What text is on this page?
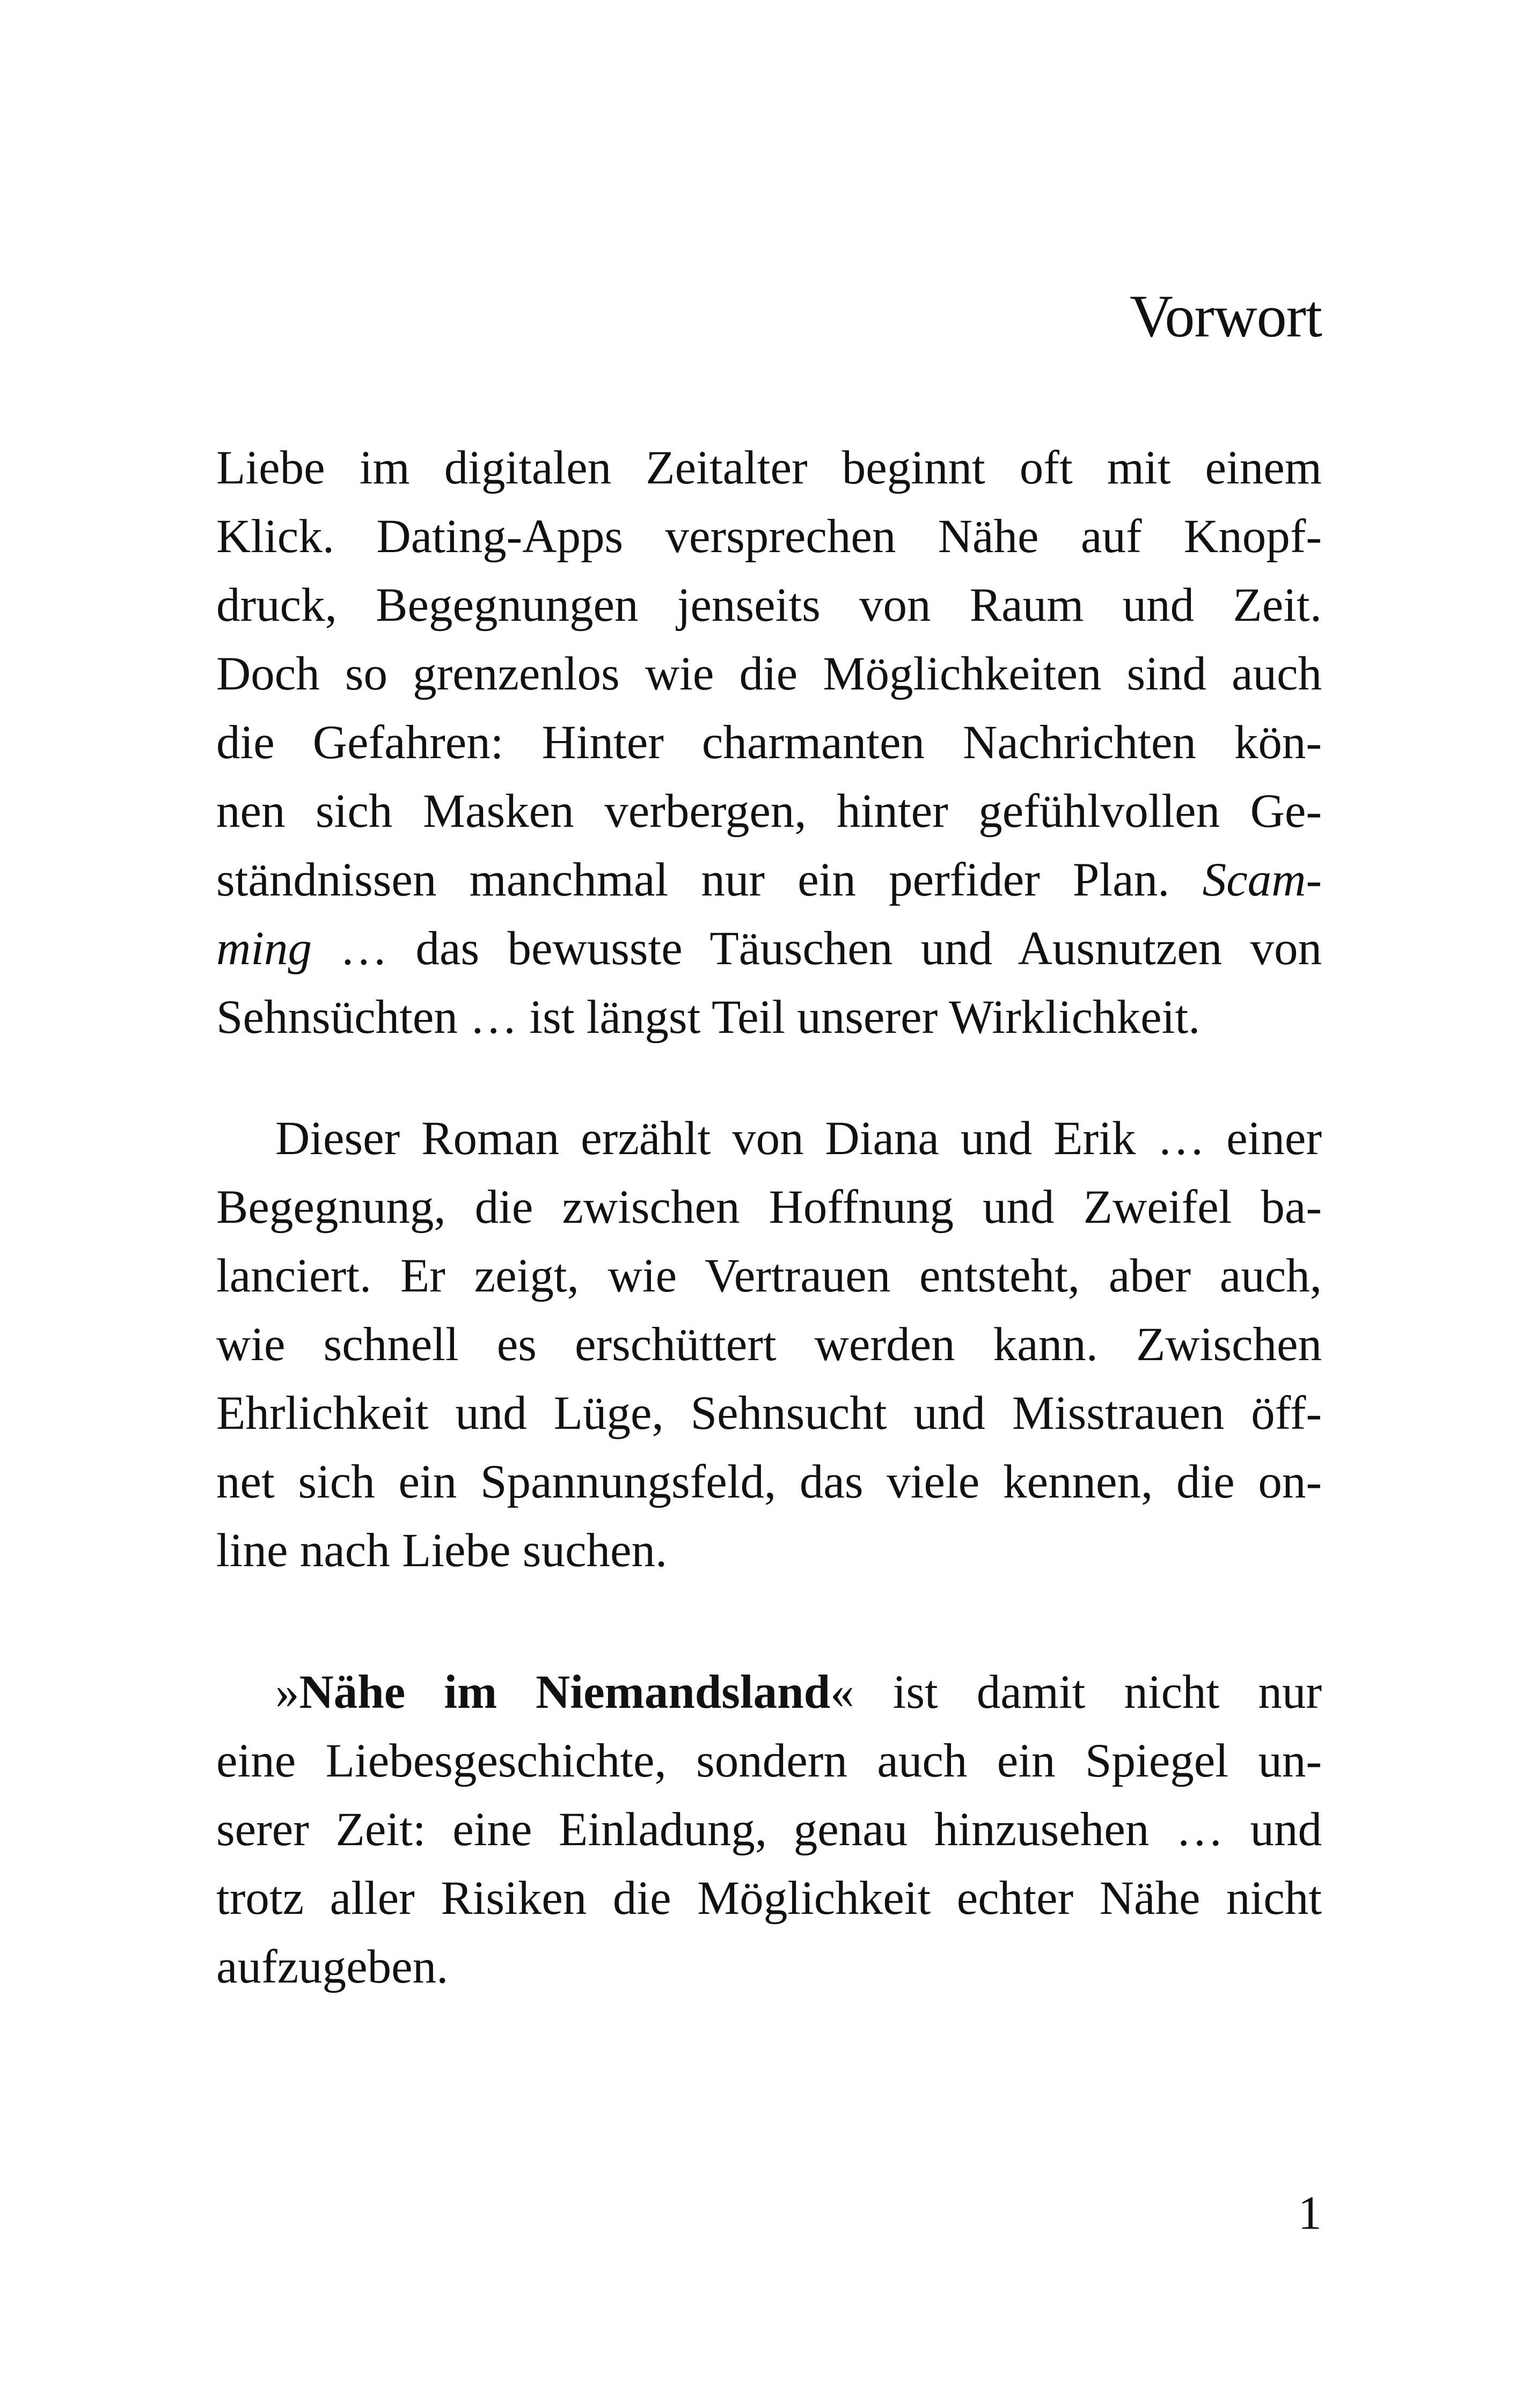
Vorwort
Liebe im digitalen Zeitalter beginnt oft mit einem
Klick. Dating-Apps versprechen Nähe auf Knopf-
druck, Begegnungen jenseits von Raum und Zeit.
Doch so grenzenlos wie die Möglichkeiten sind auch
die Gefahren: Hinter charmanten Nachrichten kön-
nen sich Masken verbergen, hinter gefühlvollen Ge-
ständnissen manchmal nur ein perfider Plan. Scam-
ming … das bewusste Täuschen und Ausnutzen von
Sehnsüchten … ist längst Teil unserer Wirklichkeit.
Dieser Roman erzählt von Diana und Erik … einer
Begegnung, die zwischen Hoffnung und Zweifel ba-
lanciert. Er zeigt, wie Vertrauen entsteht, aber auch,
wie schnell es erschüttert werden kann. Zwischen
Ehrlichkeit und Lüge, Sehnsucht und Misstrauen öff-
net sich ein Spannungsfeld, das viele kennen, die on-
line nach Liebe suchen.
»Nähe im Niemandsland« ist damit nicht nur
eine Liebesgeschichte, sondern auch ein Spiegel un-
serer Zeit: eine Einladung, genau hinzusehen … und
trotz aller Risiken die Möglichkeit echter Nähe nicht
aufzugeben.
1
